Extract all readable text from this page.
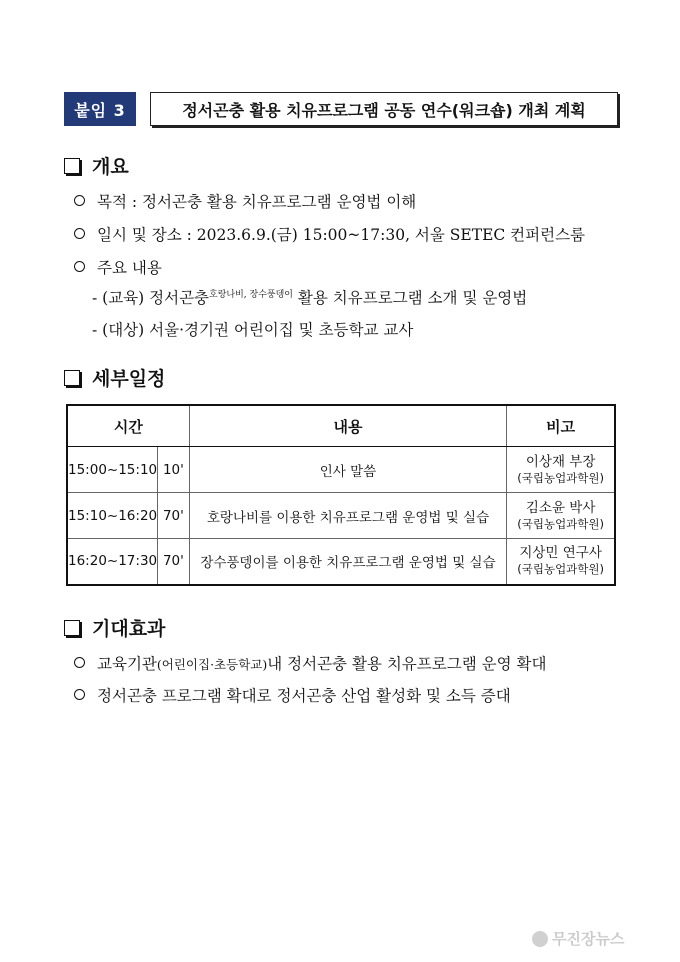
붙임 3	정서곤충 활용 치유프로그램 공동 연수(워크숍) 개최 계획
개요
목적 : 정서곤충 활용 치유프로그램 운영법 이해
일시 및 장소 : 2023.6.9.(금) 15:00~17:30, 서울 SETEC 컨퍼런스룸
주요 내용
- (교육) 정서곤충$^{호랑나비, 장수풍뎅이}$ 활용 치유프로그램 소개 및 운영법
- (대상) 서울·경기권 어린이집 및 초등학교 교사
세부일정
시간		내용	비고
15:00~15:10	10'	인사 말씀	이상재 부장
(국립농업과학원)

15:10~16:20	70'	호랑나비를 이용한 치유프로그램 운영법 및 실습	김소윤 박사
(국립농업과학원)

16:20~17:30	70'	장수풍뎅이를 이용한 치유프로그램 운영법 및 실습	지상민 연구사
(국립농업과학원)
기대효과
교육기관 (어린이집·초등학교) 내 정서곤충 활용 치유프로그램 운영 확대
정서곤충 프로그램 확대로 정서곤충 산업 활성화 및 소득 증대
무진장뉴스
